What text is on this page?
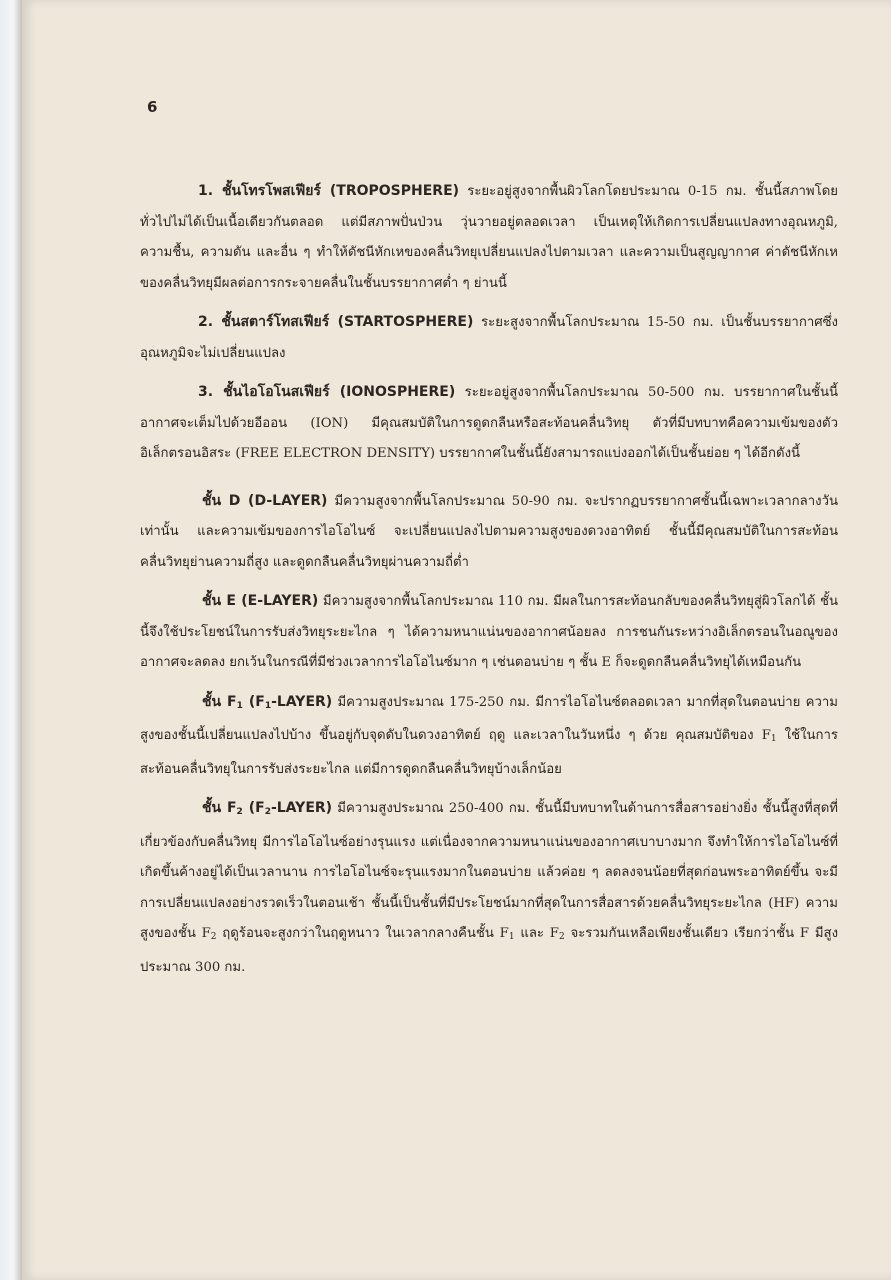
6

1. ชั้นโทรโพสเฟียร์ (TROPOSPHERE) ระยะอยู่สูงจากพื้นผิวโลกโดยประมาณ 0-15 กม. ชั้นนี้สภาพโดยทั่วไปไม่ได้เป็นเนื้อเดียวกันตลอด แต่มีสภาพปั่นป่วน วุ่นวายอยู่ตลอดเวลา เป็นเหตุให้เกิดการเปลี่ยนแปลงทางอุณหภูมิ, ความชื้น, ความดัน และอื่น ๆ ทำให้ดัชนีหักเหของคลื่นวิทยุเปลี่ยนแปลงไปตามเวลา และความเป็นสูญญากาศ ค่าดัชนีหักเหของคลื่นวิทยุมีผลต่อการกระจายคลื่นในชั้นบรรยากาศต่ำ ๆ ย่านนี้

2. ชั้นสตาร์โทสเฟียร์ (STARTOSPHERE) ระยะสูงจากพื้นโลกประมาณ 15-50 กม. เป็นชั้นบรรยากาศซึ่งอุณหภูมิจะไม่เปลี่ยนแปลง

3. ชั้นไอโอโนสเฟียร์ (IONOSPHERE) ระยะอยู่สูงจากพื้นโลกประมาณ 50-500 กม. บรรยากาศในชั้นนี้ อากาศจะเต็มไปด้วยอีออน (ION) มีคุณสมบัติในการดูดกลืนหรือสะท้อนคลื่นวิทยุ ตัวที่มีบทบาทคือความเข้มของตัวอิเล็กตรอนอิสระ (FREE ELECTRON DENSITY) บรรยากาศในชั้นนี้ยังสามารถแบ่งออกได้เป็นชั้นย่อย ๆ ได้อีกดังนี้

ชั้น D (D-LAYER) มีความสูงจากพื้นโลกประมาณ 50-90 กม. จะปรากฏบรรยากาศชั้นนี้เฉพาะเวลากลางวันเท่านั้น และความเข้มของการไอโอไนซ์ จะเปลี่ยนแปลงไปตามความสูงของดวงอาทิตย์ ชั้นนี้มีคุณสมบัติในการสะท้อนคลื่นวิทยุย่านความถี่สูง และดูดกลืนคลื่นวิทยุผ่านความถี่ต่ำ

ชั้น E (E-LAYER) มีความสูงจากพื้นโลกประมาณ 110 กม. มีผลในการสะท้อนกลับของคลื่นวิทยุสู่ผิวโลกได้ ชั้นนี้จึงใช้ประโยชน์ในการรับส่งวิทยุระยะไกล ๆ ได้ความหนาแน่นของอากาศน้อยลง การชนกันระหว่างอิเล็กตรอนในอณูของอากาศจะลดลง ยกเว้นในกรณีที่มีช่วงเวลาการไอโอไนซ์มาก ๆ เช่นตอนบ่าย ๆ ชั้น E ก็จะดูดกลืนคลื่นวิทยุได้เหมือนกัน

ชั้น $F_1$ $(F_1-LAYER)$ มีความสูงประมาณ 175-250 กม. มีการไอโอไนซ์ตลอดเวลา มากที่สุดในตอนบ่าย ความสูงของชั้นนี้เปลี่ยนแปลงไปบ้าง ขึ้นอยู่กับจุดดับในดวงอาทิตย์ ฤดู และเวลาในวันหนึ่ง ๆ ด้วย คุณสมบัติของ $F_1$ ใช้ในการสะท้อนคลื่นวิทยุในการรับส่งระยะไกล แต่มีการดูดกลืนคลื่นวิทยุบ้างเล็กน้อย

ชั้น $F_2$ $(F_2-LAYER)$ มีความสูงประมาณ 250-400 กม. ชั้นนี้มีบทบาทในด้านการสื่อสารอย่างยิ่ง ชั้นนี้สูงที่สุดที่เกี่ยวข้องกับคลื่นวิทยุ มีการไอโอไนซ์อย่างรุนแรง แต่เนื่องจากความหนาแน่นของอากาศเบาบางมาก จึงทำให้การไอโอไนซ์ที่เกิดขึ้นค้างอยู่ได้เป็นเวลานาน การไอโอไนซ์จะรุนแรงมากในตอนบ่าย แล้วค่อย ๆ ลดลงจนน้อยที่สุดก่อนพระอาทิตย์ขึ้น จะมีการเปลี่ยนแปลงอย่างรวดเร็วในตอนเช้า ชั้นนี้เป็นชั้นที่มีประโยชน์มากที่สุดในการสื่อสารด้วยคลื่นวิทยุระยะไกล (HF) ความสูงของชั้น $F_2$ ฤดูร้อนจะสูงกว่าในฤดูหนาว ในเวลากลางคืนชั้น $F_1$ และ $F_2$ จะรวมกันเหลือเพียงชั้นเดียว เรียกว่าชั้น F มีสูงประมาณ 300 กม.
